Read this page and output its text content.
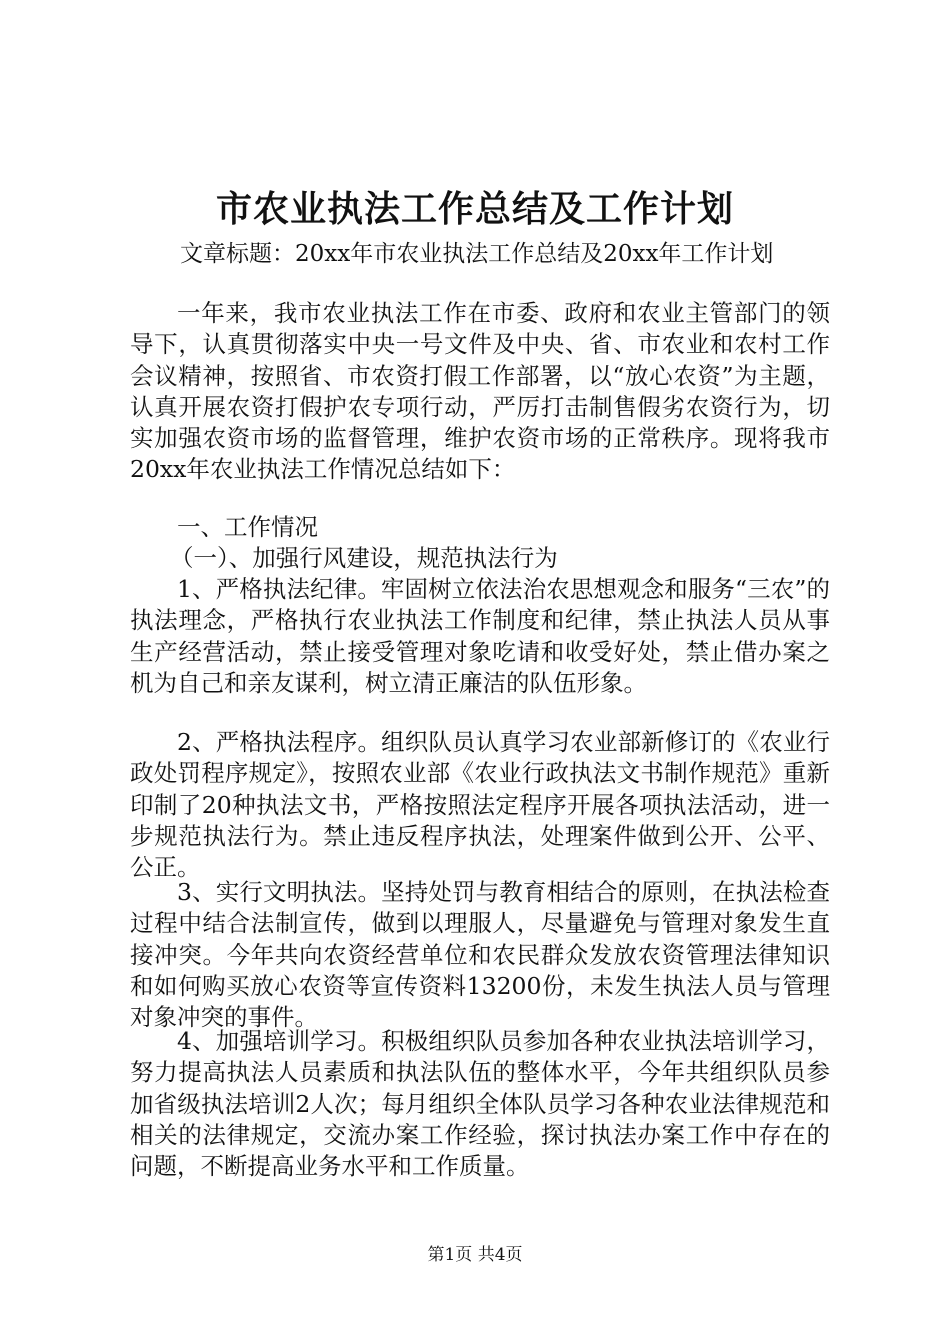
市农业执法工作总结及工作计划
文章标题：20xx年市农业执法工作总结及20xx年工作计划

一年来，我市农业执法工作在市委、政府和农业主管部门的领导下，认真贯彻落实中央一号文件及中央、省、市农业和农村工作会议精神，按照省、市农资打假工作部署，以“放心农资”为主题，认真开展农资打假护农专项行动，严厉打击制售假劣农资行为，切实加强农资市场的监督管理，维护农资市场的正常秩序。现将我市20xx年农业执法工作情况总结如下：

一、工作情况

（一）、加强行风建设，规范执法行为

1、严格执法纪律。牢固树立依法治农思想观念和服务“三农”的执法理念，严格执行农业执法工作制度和纪律，禁止执法人员从事生产经营活动，禁止接受管理对象吃请和收受好处，禁止借办案之机为自己和亲友谋利，树立清正廉洁的队伍形象。

2、严格执法程序。组织队员认真学习农业部新修订的《农业行政处罚程序规定》，按照农业部《农业行政执法文书制作规范》重新印制了20种执法文书，严格按照法定程序开展各项执法活动，进一步规范执法行为。禁止违反程序执法，处理案件做到公开、公平、公正。

3、实行文明执法。坚持处罚与教育相结合的原则，在执法检查过程中结合法制宣传，做到以理服人，尽量避免与管理对象发生直接冲突。今年共向农资经营单位和农民群众发放农资管理法律知识和如何购买放心农资等宣传资料13200份，未发生执法人员与管理对象冲突的事件。

4、加强培训学习。积极组织队员参加各种农业执法培训学习，努力提高执法人员素质和执法队伍的整体水平，今年共组织队员参加省级执法培训2人次；每月组织全体队员学习各种农业法律规范和相关的法律规定，交流办案工作经验，探讨执法办案工作中存在的问题，不断提高业务水平和工作质量。

第1页 共4页
